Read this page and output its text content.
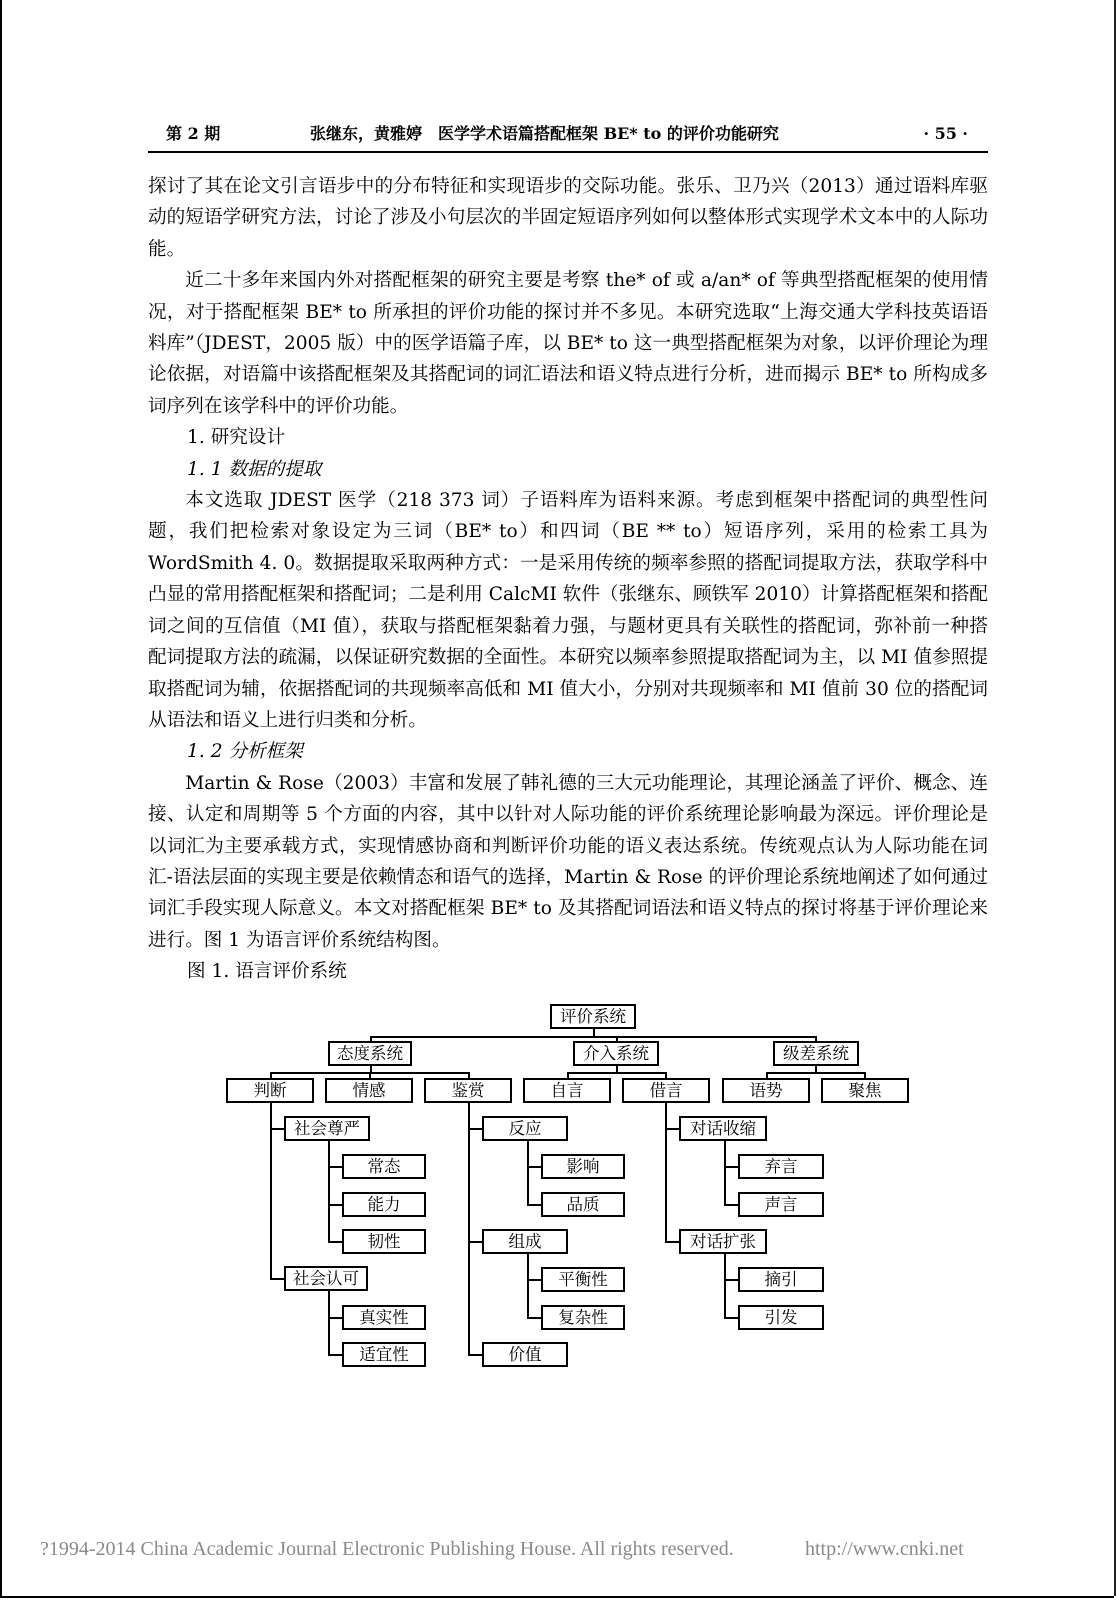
第 2 期	张继东，黄雅婷　医学学术语篇搭配框架 BE* to 的评价功能研究	· 55 ·

探讨了其在论文引言语步中的分布特征和实现语步的交际功能。张乐、卫乃兴（2013）通过语料库驱动的短语学研究方法，讨论了涉及小句层次的半固定短语序列如何以整体形式实现学术文本中的人际功能。

近二十多年来国内外对搭配框架的研究主要是考察 the* of 或 a/an* of 等典型搭配框架的使用情况，对于搭配框架 BE* to 所承担的评价功能的探讨并不多见。本研究选取“上海交通大学科技英语语料库”（JDEST，2005 版）中的医学语篇子库，以 BE* to 这一典型搭配框架为对象，以评价理论为理论依据，对语篇中该搭配框架及其搭配词的词汇语法和语义特点进行分析，进而揭示 BE* to 所构成多词序列在该学科中的评价功能。

1. 研究设计

1. 1 数据的提取

本文选取 JDEST 医学（218 373 词）子语料库为语料来源。考虑到框架中搭配词的典型性问题，我们把检索对象设定为三词（BE* to）和四词（BE ** to）短语序列，采用的检索工具为 WordSmith 4. 0。数据提取采取两种方式：一是采用传统的频率参照的搭配词提取方法，获取学科中凸显的常用搭配框架和搭配词；二是利用 CalcMI 软件（张继东、顾铁军 2010）计算搭配框架和搭配词之间的互信值（MI 值），获取与搭配框架黏着力强，与题材更具有关联性的搭配词，弥补前一种搭配词提取方法的疏漏，以保证研究数据的全面性。本研究以频率参照提取搭配词为主，以 MI 值参照提取搭配词为辅，依据搭配词的共现频率高低和 MI 值大小，分别对共现频率和 MI 值前 30 位的搭配词从语法和语义上进行归类和分析。

1. 2 分析框架

Martin & Rose（2003）丰富和发展了韩礼德的三大元功能理论，其理论涵盖了评价、概念、连接、认定和周期等 5 个方面的内容，其中以针对人际功能的评价系统理论影响最为深远。评价理论是以词汇为主要承载方式，实现情感协商和判断评价功能的语义表达系统。传统观点认为人际功能在词汇-语法层面的实现主要是依赖情态和语气的选择，Martin & Rose 的评价理论系统地阐述了如何通过词汇手段实现人际意义。本文对搭配框架 BE* to 及其搭配词语法和语义特点的探讨将基于评价理论来进行。图 1 为语言评价系统结构图。

图 1. 语言评价系统

评价系统
态度系统	介入系统	级差系统
判断	情感	鉴赏	自言	借言	语势	聚焦
社会尊严
常态
能力
韧性
社会认可
真实性
适宜性
反应
影响
品质
组成
平衡性
复杂性
价值
对话收缩
弃言
声言
对话扩张
摘引
引发
?1994-2014 China Academic Journal Electronic Publishing House. All rights reserved.	http://www.cnki.net
